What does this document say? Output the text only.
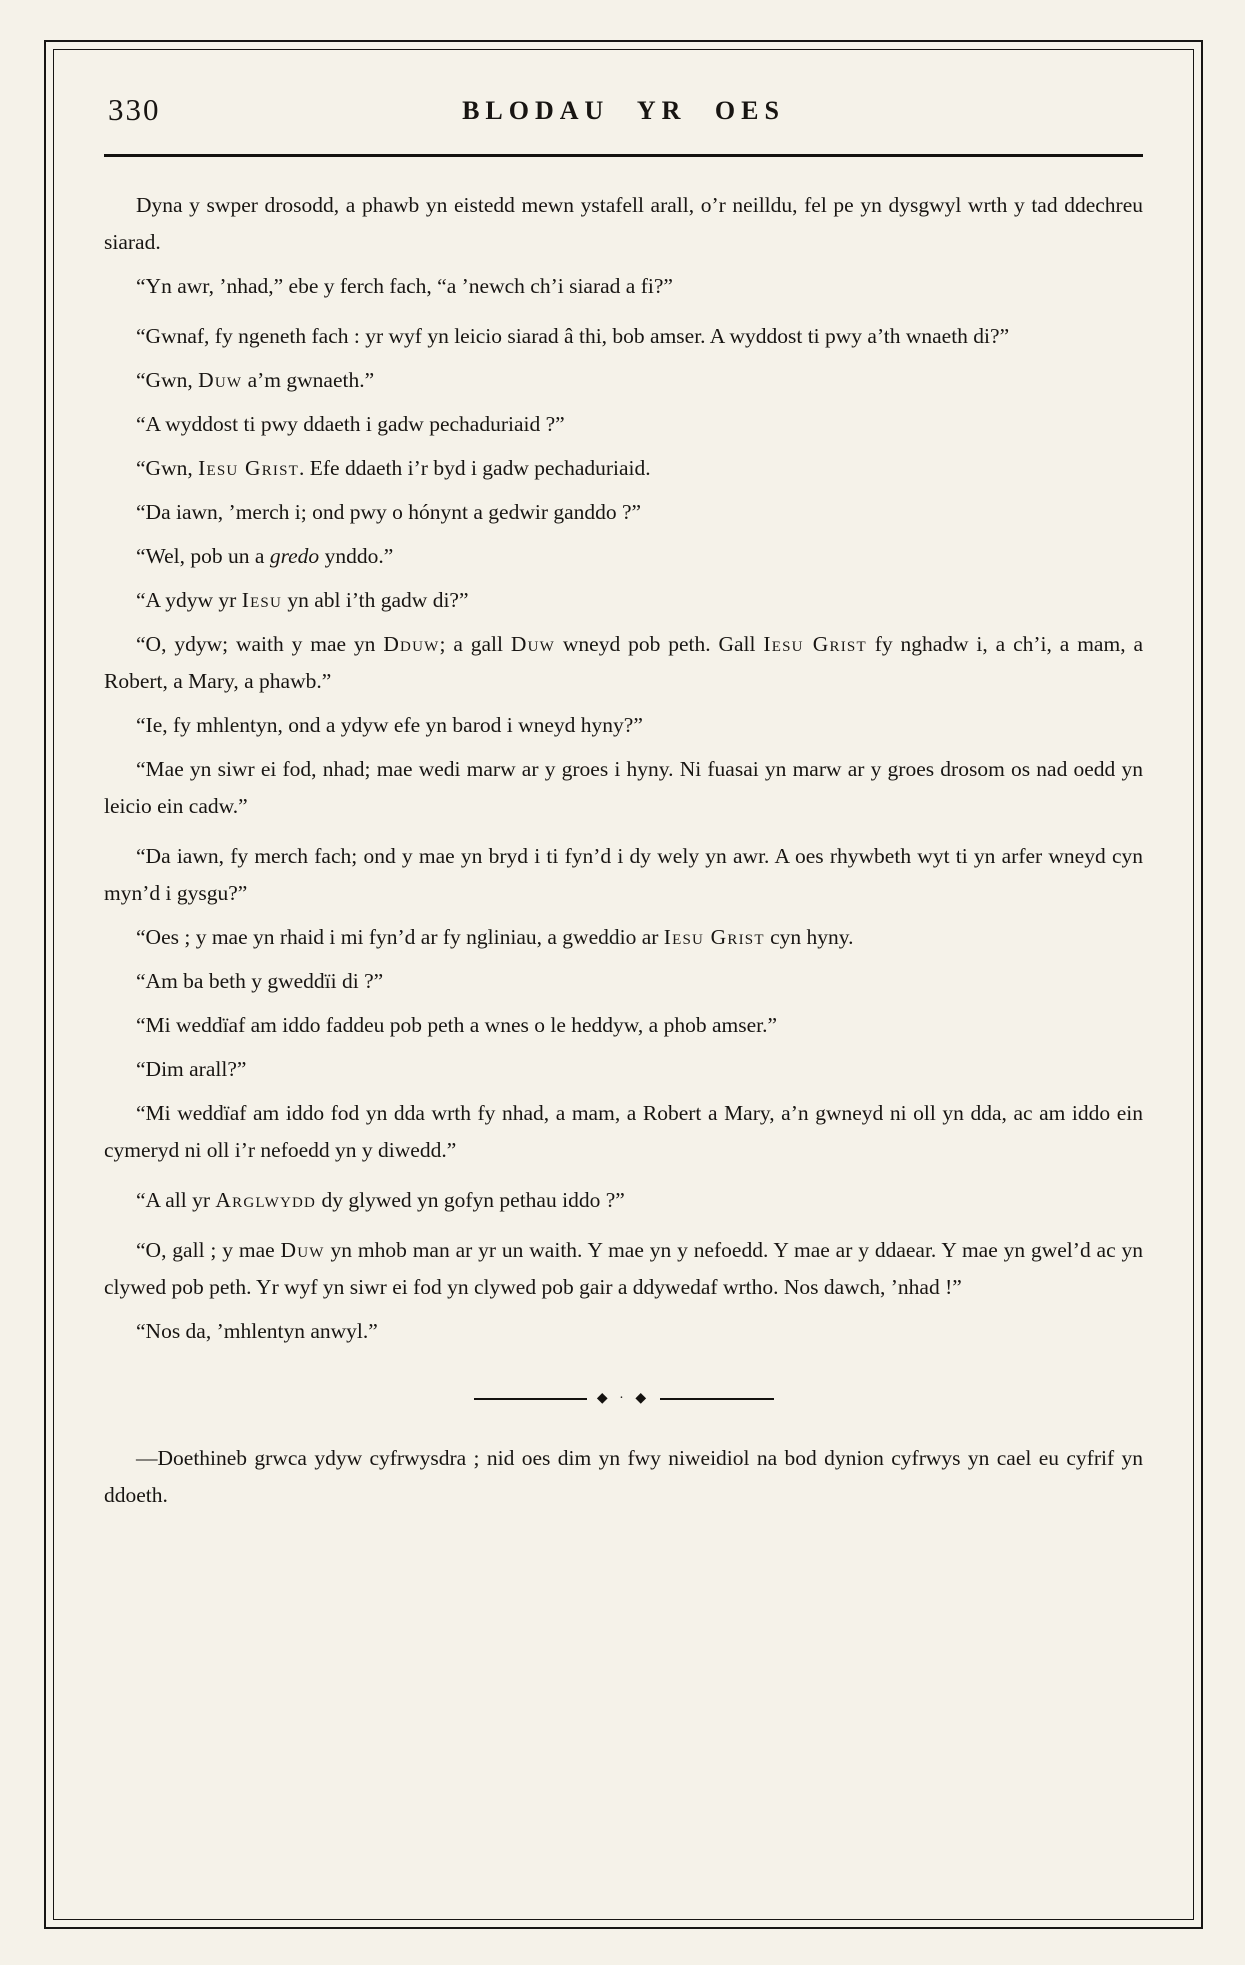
330	BLODAU YR OES

Dyna y swper drosodd, a phawb yn eistedd mewn ystafell arall, o’r neilldu, fel pe yn dysgwyl wrth y tad ddechreu siarad.

“Yn awr, ’nhad,” ebe y ferch fach, “a ’newch ch’i siarad a fi?”

“Gwnaf, fy ngeneth fach : yr wyf yn leicio siarad â thi, bob amser. A wyddost ti pwy a’th wnaeth di?”

“Gwn, Duw a’m gwnaeth.”

“A wyddost ti pwy ddaeth i gadw pechaduriaid ?”

“Gwn, Iesu Grist. Efe ddaeth i’r byd i gadw pechaduriaid.

“Da iawn, ’merch i; ond pwy o hónynt a gedwir ganddo ?”

“Wel, pob un a gredo ynddo.”

“A ydyw yr Iesu yn abl i’th gadw di?”

“O, ydyw; waith y mae yn Dduw; a gall Duw wneyd pob peth. Gall Iesu Grist fy nghadw i, a ch’i, a mam, a Robert, a Mary, a phawb.”

“Ie, fy mhlentyn, ond a ydyw efe yn barod i wneyd hyny?”

“Mae yn siwr ei fod, nhad; mae wedi marw ar y groes i hyny. Ni fuasai yn marw ar y groes drosom os nad oedd yn leicio ein cadw.”

“Da iawn, fy merch fach; ond y mae yn bryd i ti fyn’d i dy wely yn awr. A oes rhywbeth wyt ti yn arfer wneyd cyn myn’d i gysgu?”

“Oes ; y mae yn rhaid i mi fyn’d ar fy ngliniau, a gweddio ar Iesu Grist cyn hyny.

“Am ba beth y gweddïi di ?”

“Mi weddïaf am iddo faddeu pob peth a wnes o le heddyw, a phob amser.”

“Dim arall?”

“Mi weddïaf am iddo fod yn dda wrth fy nhad, a mam, a Robert a Mary, a’n gwneyd ni oll yn dda, ac am iddo ein cymeryd ni oll i’r nefoedd yn y diwedd.”

“A all yr Arglwydd dy glywed yn gofyn pethau iddo ?”

“O, gall ; y mae Duw yn mhob man ar yr un waith. Y mae yn y nefoedd. Y mae ar y ddaear. Y mae yn gwel’d ac yn clywed pob peth. Yr wyf yn siwr ei fod yn clywed pob gair a ddywedaf wrtho. Nos dawch, ’nhad !”

“Nos da, ’mhlentyn anwyl.”

◆ · ◆

—Doethineb grwca ydyw cyfrwysdra ; nid oes dim yn fwy niweidiol na bod dynion cyfrwys yn cael eu cyfrif yn ddoeth.
